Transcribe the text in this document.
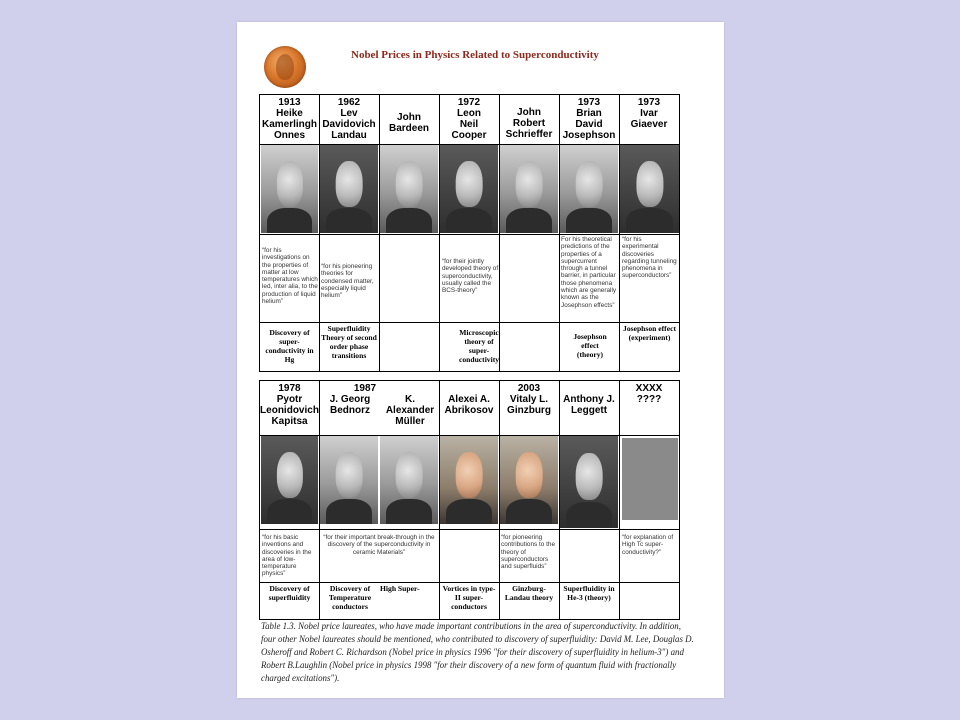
Nobel Prices in Physics Related to Superconductivity
1913
Heike
Kamerlingh
Onnes
1962
Lev
Davidovich
Landau
John
Bardeen
1972
Leon
Neil
Cooper
John
Robert
Schrieffer
1973
Brian
David
Josephson
1973
Ivar
Giaever
“for his investigations on the properties of matter at low temperatures which led, inter alia, to the production of liquid helium”
“for his pioneering theories for condensed matter, especially liquid helium”
“for their jointly developed theory of superconductivity, usually called the BCS-theory”
For his theoretical predictions of the properties of a supercurrent through a tunnel barrier, in particular those phenomena which are generally known as the Josephson effects”
“for his experimental discoveries regarding tunneling phenomena in superconductors”
Discovery of super-conductivity in Hg
Superfluidity Theory of second order phase transitions
Microscopic theory of super-conductivity
Josephson effect (theory)
Josephson effect (experiment)
1978
Pyotr
Leonidovich
Kapitsa
1987
J. Georg
Bednorz
K.
Alexander
Müller
Alexei A.
Abrikosov
2003
Vitaly L.
Ginzburg
Anthony J.
Leggett
XXXX
????
“for his basic inventions and discoveries in the area of low-temperature physics”
“for their important break-through in the discovery of the superconductivity in ceramic Materials”
“for pioneering contributions to the theory of superconductors and superfluids”
“for explanation of High Tc super-conductivity?”
Discovery of superfluidity
Discovery of Temperature conductors
High Super-	Vortices in type-II super-conductors
Ginzburg-Landau theory
Superfluidity in He-3 (theory)
Table 1.3. Nobel price laureates, who have made important contributions in the area of superconductivity. In addition, four other Nobel laureates should be mentioned, who contributed to discovery of superfluidity: David M. Lee, Douglas D. Osheroff and Robert C. Richardson (Nobel price in physics 1996 "for their discovery of superfluidity in helium-3") and Robert B.Laughlin (Nobel price in physics 1998 "for their discovery of a new form of quantum fluid with fractionally charged excitations").
